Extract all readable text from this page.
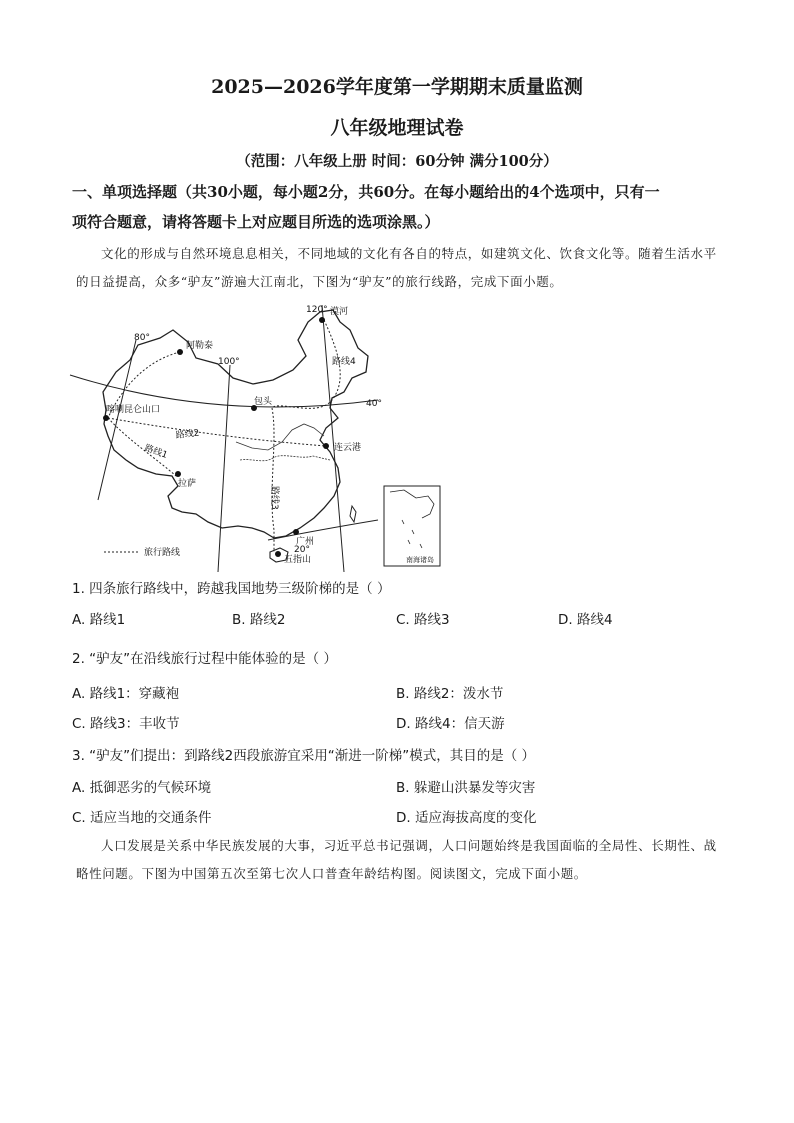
2025—2026学年度第一学期期末质量监测
八年级地理试卷
（范围：八年级上册 时间：60分钟 满分100分）
一、单项选择题（共30小题，每小题2分，共60分。在每小题给出的4个选项中，只有一
项符合题意，请将答题卡上对应题目所选的选项涂黑。）
文化的形成与自然环境息息相关，不同地域的文化有各自的特点，如建筑文化、饮食文化等。随着生活水平的日益提高，众多“驴友”游遍大江南北，下图为“驴友”的旅行线路，完成下面小题。
120° 漠河
80°
阿勒泰
100°	路线4
喀喇昆仑山口
包头	40°
路线2
连云港
路线1
拉萨
路线3
广州
20°
五指山
旅行路线
南海诸岛
1. 四条旅行路线中，跨越我国地势三级阶梯的是（ ）
A. 路线1	B. 路线2	C. 路线3	D. 路线4
2. “驴友”在沿线旅行过程中能体验的是（ ）
A. 路线1：穿藏袍	B. 路线2：泼水节
C. 路线3：丰收节	D. 路线4：信天游
3. “驴友”们提出：到路线2西段旅游宜采用“渐进一阶梯”模式，其目的是（ ）
A. 抵御恶劣的气候环境	B. 躲避山洪暴发等灾害
C. 适应当地的交通条件	D. 适应海拔高度的变化
人口发展是关系中华民族发展的大事，习近平总书记强调，人口问题始终是我国面临的全局性、长期性、战略性问题。下图为中国第五次至第七次人口普查年龄结构图。阅读图文，完成下面小题。
